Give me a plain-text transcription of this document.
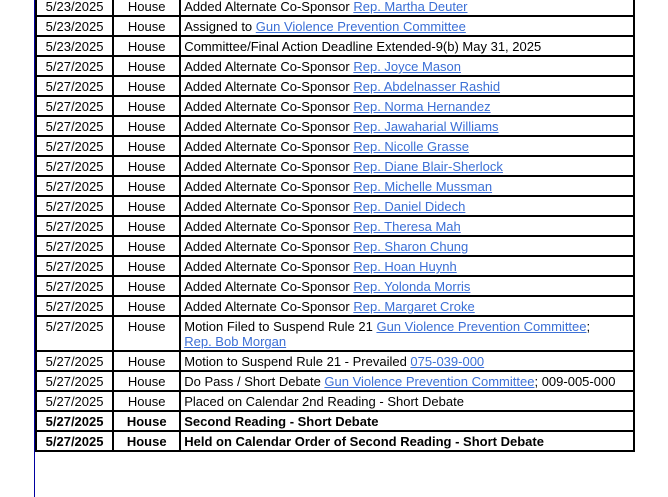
5/23/2025	House	Added Alternate Co-Sponsor Rep. Martha Deuter
5/23/2025	House	Assigned to Gun Violence Prevention Committee
5/23/2025	House	Committee/Final Action Deadline Extended-9(b) May 31, 2025
5/27/2025	House	Added Alternate Co-Sponsor Rep. Joyce Mason
5/27/2025	House	Added Alternate Co-Sponsor Rep. Abdelnasser Rashid
5/27/2025	House	Added Alternate Co-Sponsor Rep. Norma Hernandez
5/27/2025	House	Added Alternate Co-Sponsor Rep. Jawaharial Williams
5/27/2025	House	Added Alternate Co-Sponsor Rep. Nicolle Grasse
5/27/2025	House	Added Alternate Co-Sponsor Rep. Diane Blair-Sherlock
5/27/2025	House	Added Alternate Co-Sponsor Rep. Michelle Mussman
5/27/2025	House	Added Alternate Co-Sponsor Rep. Daniel Didech
5/27/2025	House	Added Alternate Co-Sponsor Rep. Theresa Mah
5/27/2025	House	Added Alternate Co-Sponsor Rep. Sharon Chung
5/27/2025	House	Added Alternate Co-Sponsor Rep. Hoan Huynh
5/27/2025	House	Added Alternate Co-Sponsor Rep. Yolonda Morris
5/27/2025	House	Added Alternate Co-Sponsor Rep. Margaret Croke
5/27/2025	House	Motion Filed to Suspend Rule 21 Gun Violence Prevention Committee;
Rep. Bob Morgan
5/27/2025	House	Motion to Suspend Rule 21 - Prevailed 075-039-000
5/27/2025	House	Do Pass / Short Debate Gun Violence Prevention Committee; 009-005-000
5/27/2025	House	Placed on Calendar 2nd Reading - Short Debate
5/27/2025	House	Second Reading - Short Debate
5/27/2025	House	Held on Calendar Order of Second Reading - Short Debate
